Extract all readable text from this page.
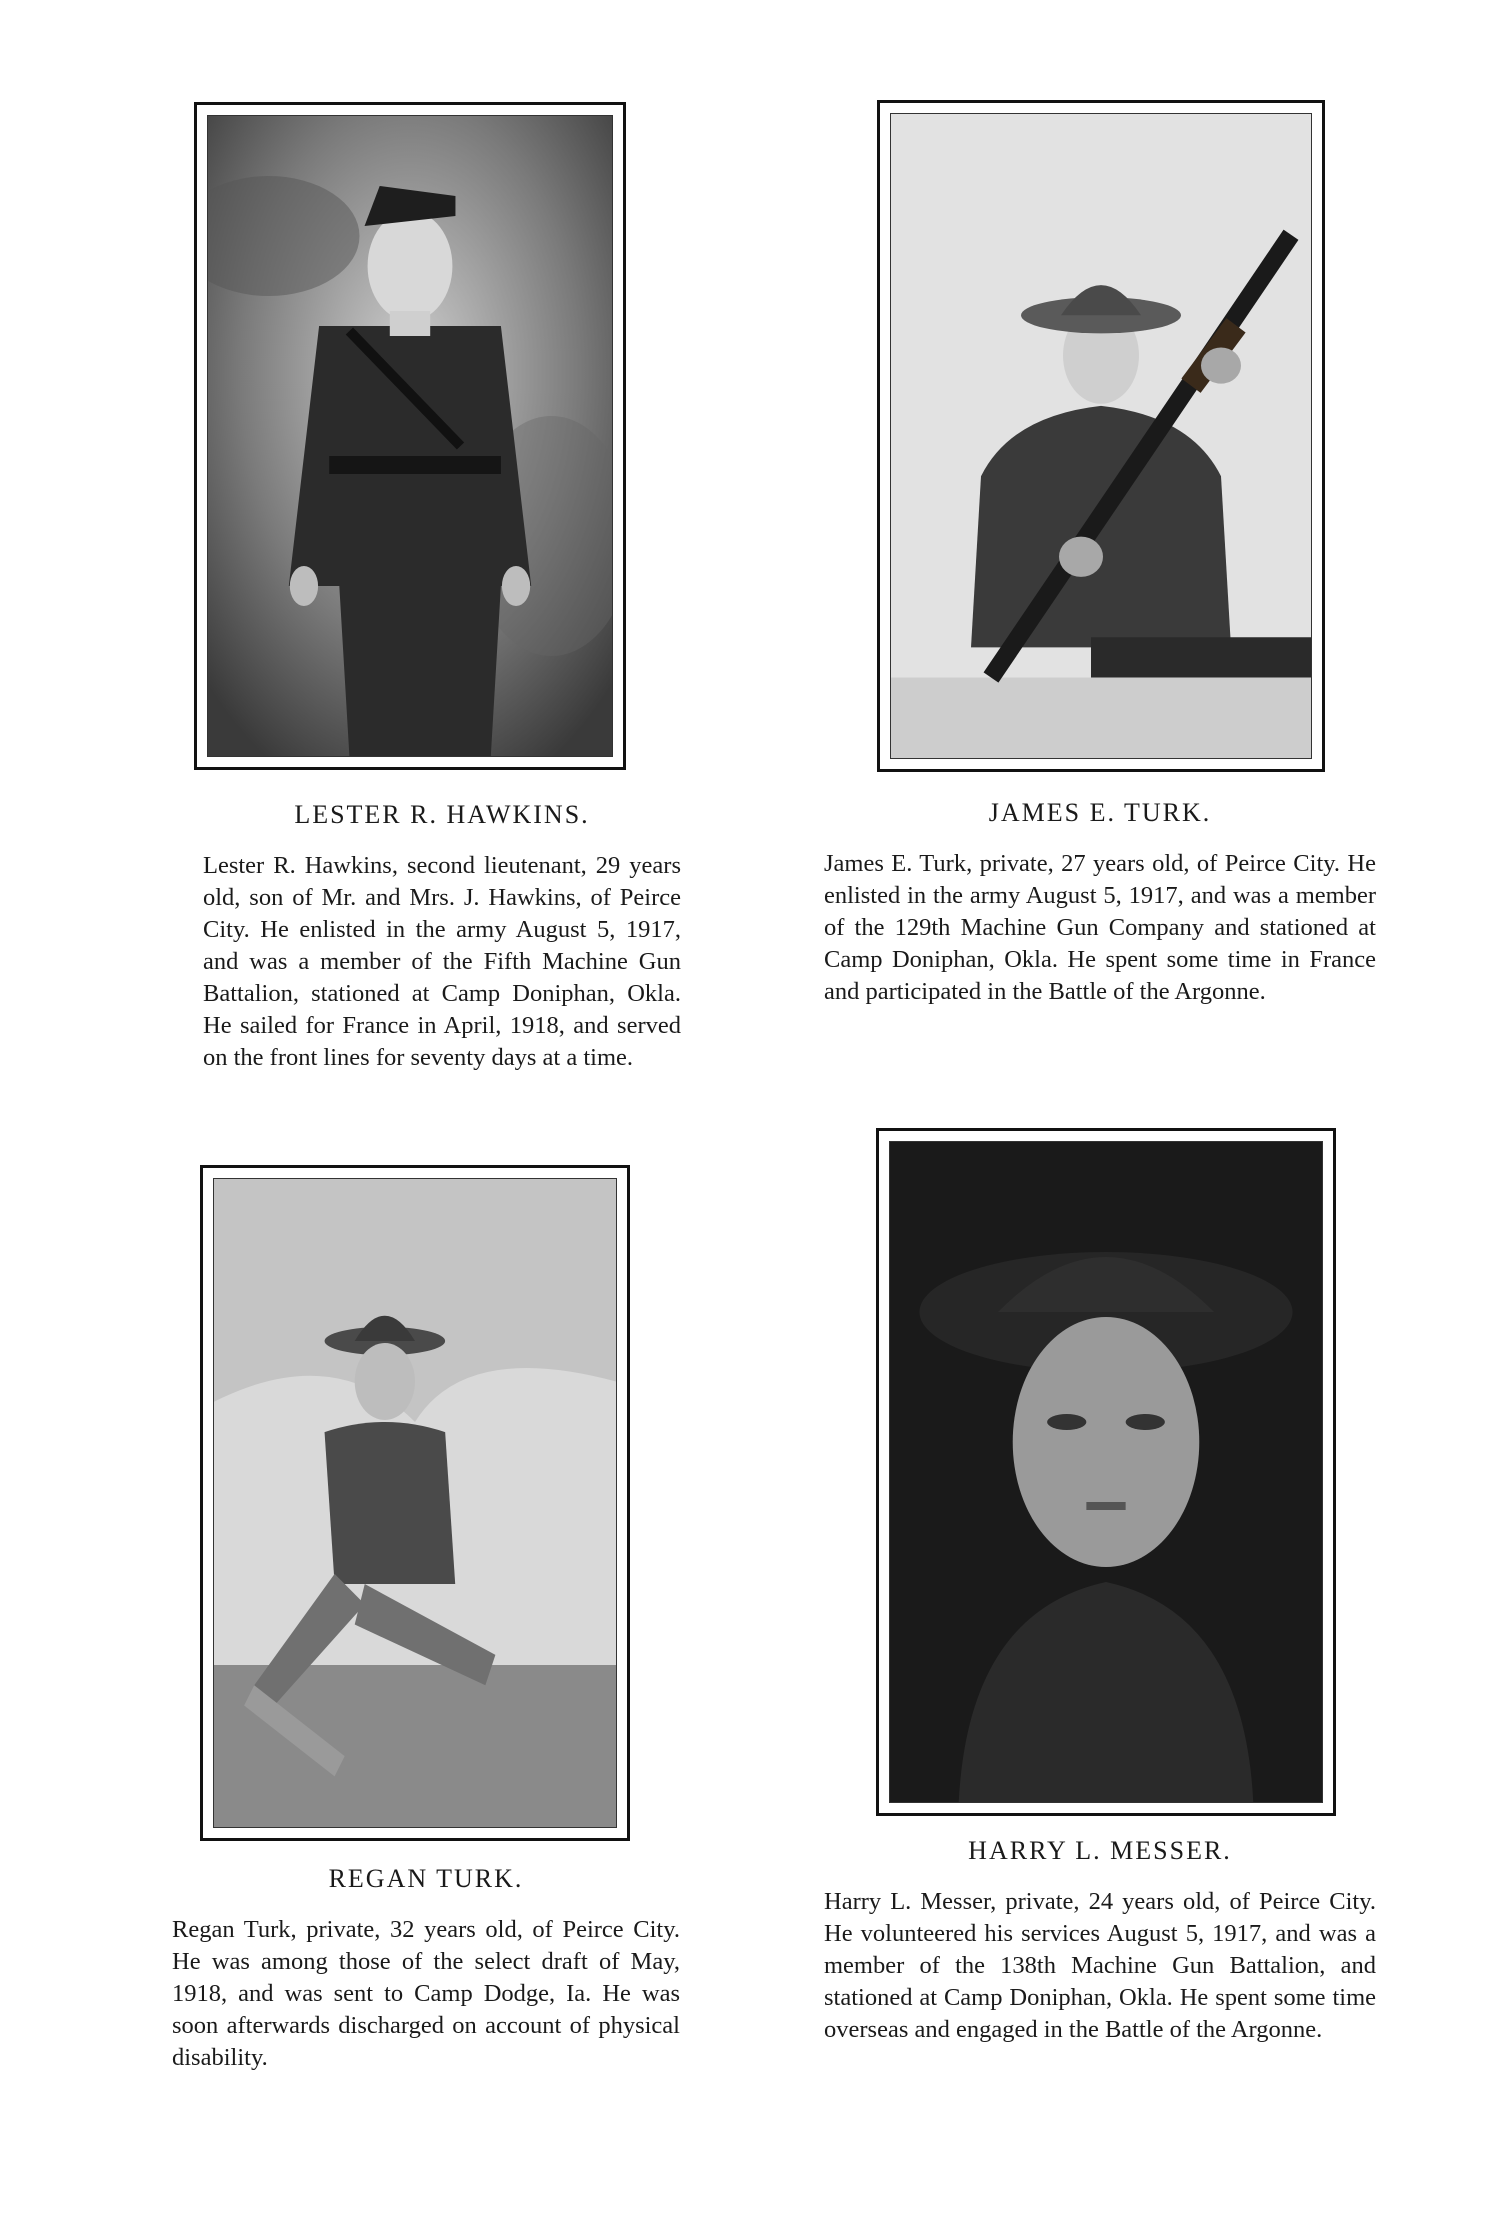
LESTER R. HAWKINS.

Lester R. Hawkins, second lieutenant, 29 years old, son of Mr. and Mrs. J. Hawkins, of Peirce City. He enlisted in the army August 5, 1917, and was a member of the Fifth Machine Gun Battalion, stationed at Camp Doniphan, Okla. He sailed for France in April, 1918, and served on the front lines for seventy days at a time.

JAMES E. TURK.

James E. Turk, private, 27 years old, of Peirce City. He enlisted in the army August 5, 1917, and was a member of the 129th Machine Gun Company and stationed at Camp Doniphan, Okla. He spent some time in France and participated in the Battle of the Argonne.

REGAN TURK.

Regan Turk, private, 32 years old, of Peirce City. He was among those of the select draft of May, 1918, and was sent to Camp Dodge, Ia. He was soon afterwards discharged on account of physical disability.

HARRY L. MESSER.

Harry L. Messer, private, 24 years old, of Peirce City. He volunteered his services August 5, 1917, and was a member of the 138th Machine Gun Battalion, and stationed at Camp Doniphan, Okla. He spent some time overseas and engaged in the Battle of the Argonne.
